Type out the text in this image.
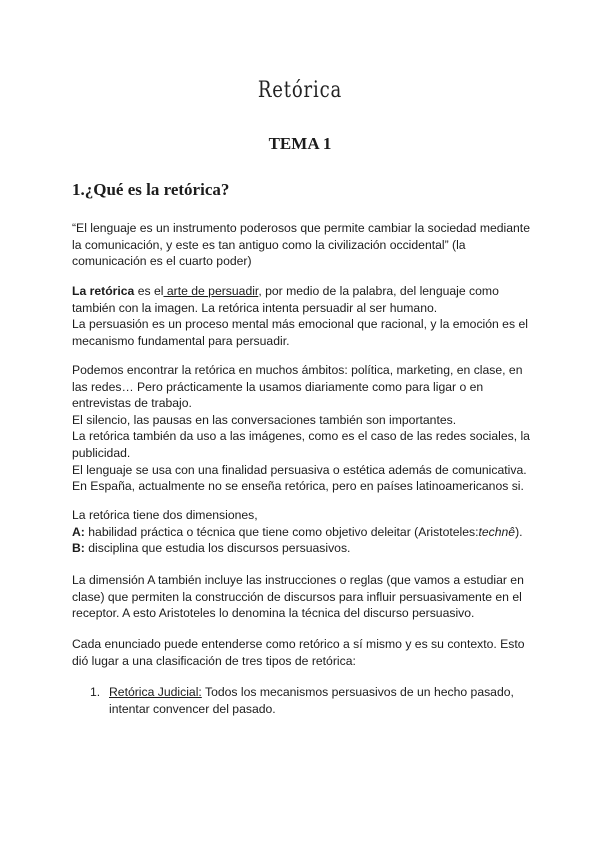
Retórica
TEMA 1
1.¿Qué es la retórica?
“El lenguaje es un instrumento poderosos que permite cambiar la sociedad mediante
la comunicación, y este es tan antiguo como la civilización occidental” (la
comunicación es el cuarto poder)
La retórica es el arte de persuadir, por medio de la palabra, del lenguaje como
también con la imagen. La retórica intenta persuadir al ser humano.
La persuasión es un proceso mental más emocional que racional, y la emoción es el
mecanismo fundamental para persuadir.
Podemos encontrar la retórica en muchos ámbitos: política, marketing, en clase, en
las redes… Pero prácticamente la usamos diariamente como para ligar o en
entrevistas de trabajo.
El silencio, las pausas en las conversaciones también son importantes.
La retórica también da uso a las imágenes, como es el caso de las redes sociales, la
publicidad.
El lenguaje se usa con una finalidad persuasiva o estética además de comunicativa.
En España, actualmente no se enseña retórica, pero en países latinoamericanos si.
La retórica tiene dos dimensiones,
A: habilidad práctica o técnica que tiene como objetivo deleitar (Aristoteles:technê).
B: disciplina que estudia los discursos persuasivos.
La dimensión A también incluye las instrucciones o reglas (que vamos a estudiar en
clase) que permiten la construcción de discursos para influir persuasivamente en el
receptor. A esto Aristoteles lo denomina la técnica del discurso persuasivo.
Cada enunciado puede entenderse como retórico a sí mismo y es su contexto. Esto
dió lugar a una clasificación de tres tipos de retórica:
1. Retórica Judicial: Todos los mecanismos persuasivos de un hecho pasado,
intentar convencer del pasado.
